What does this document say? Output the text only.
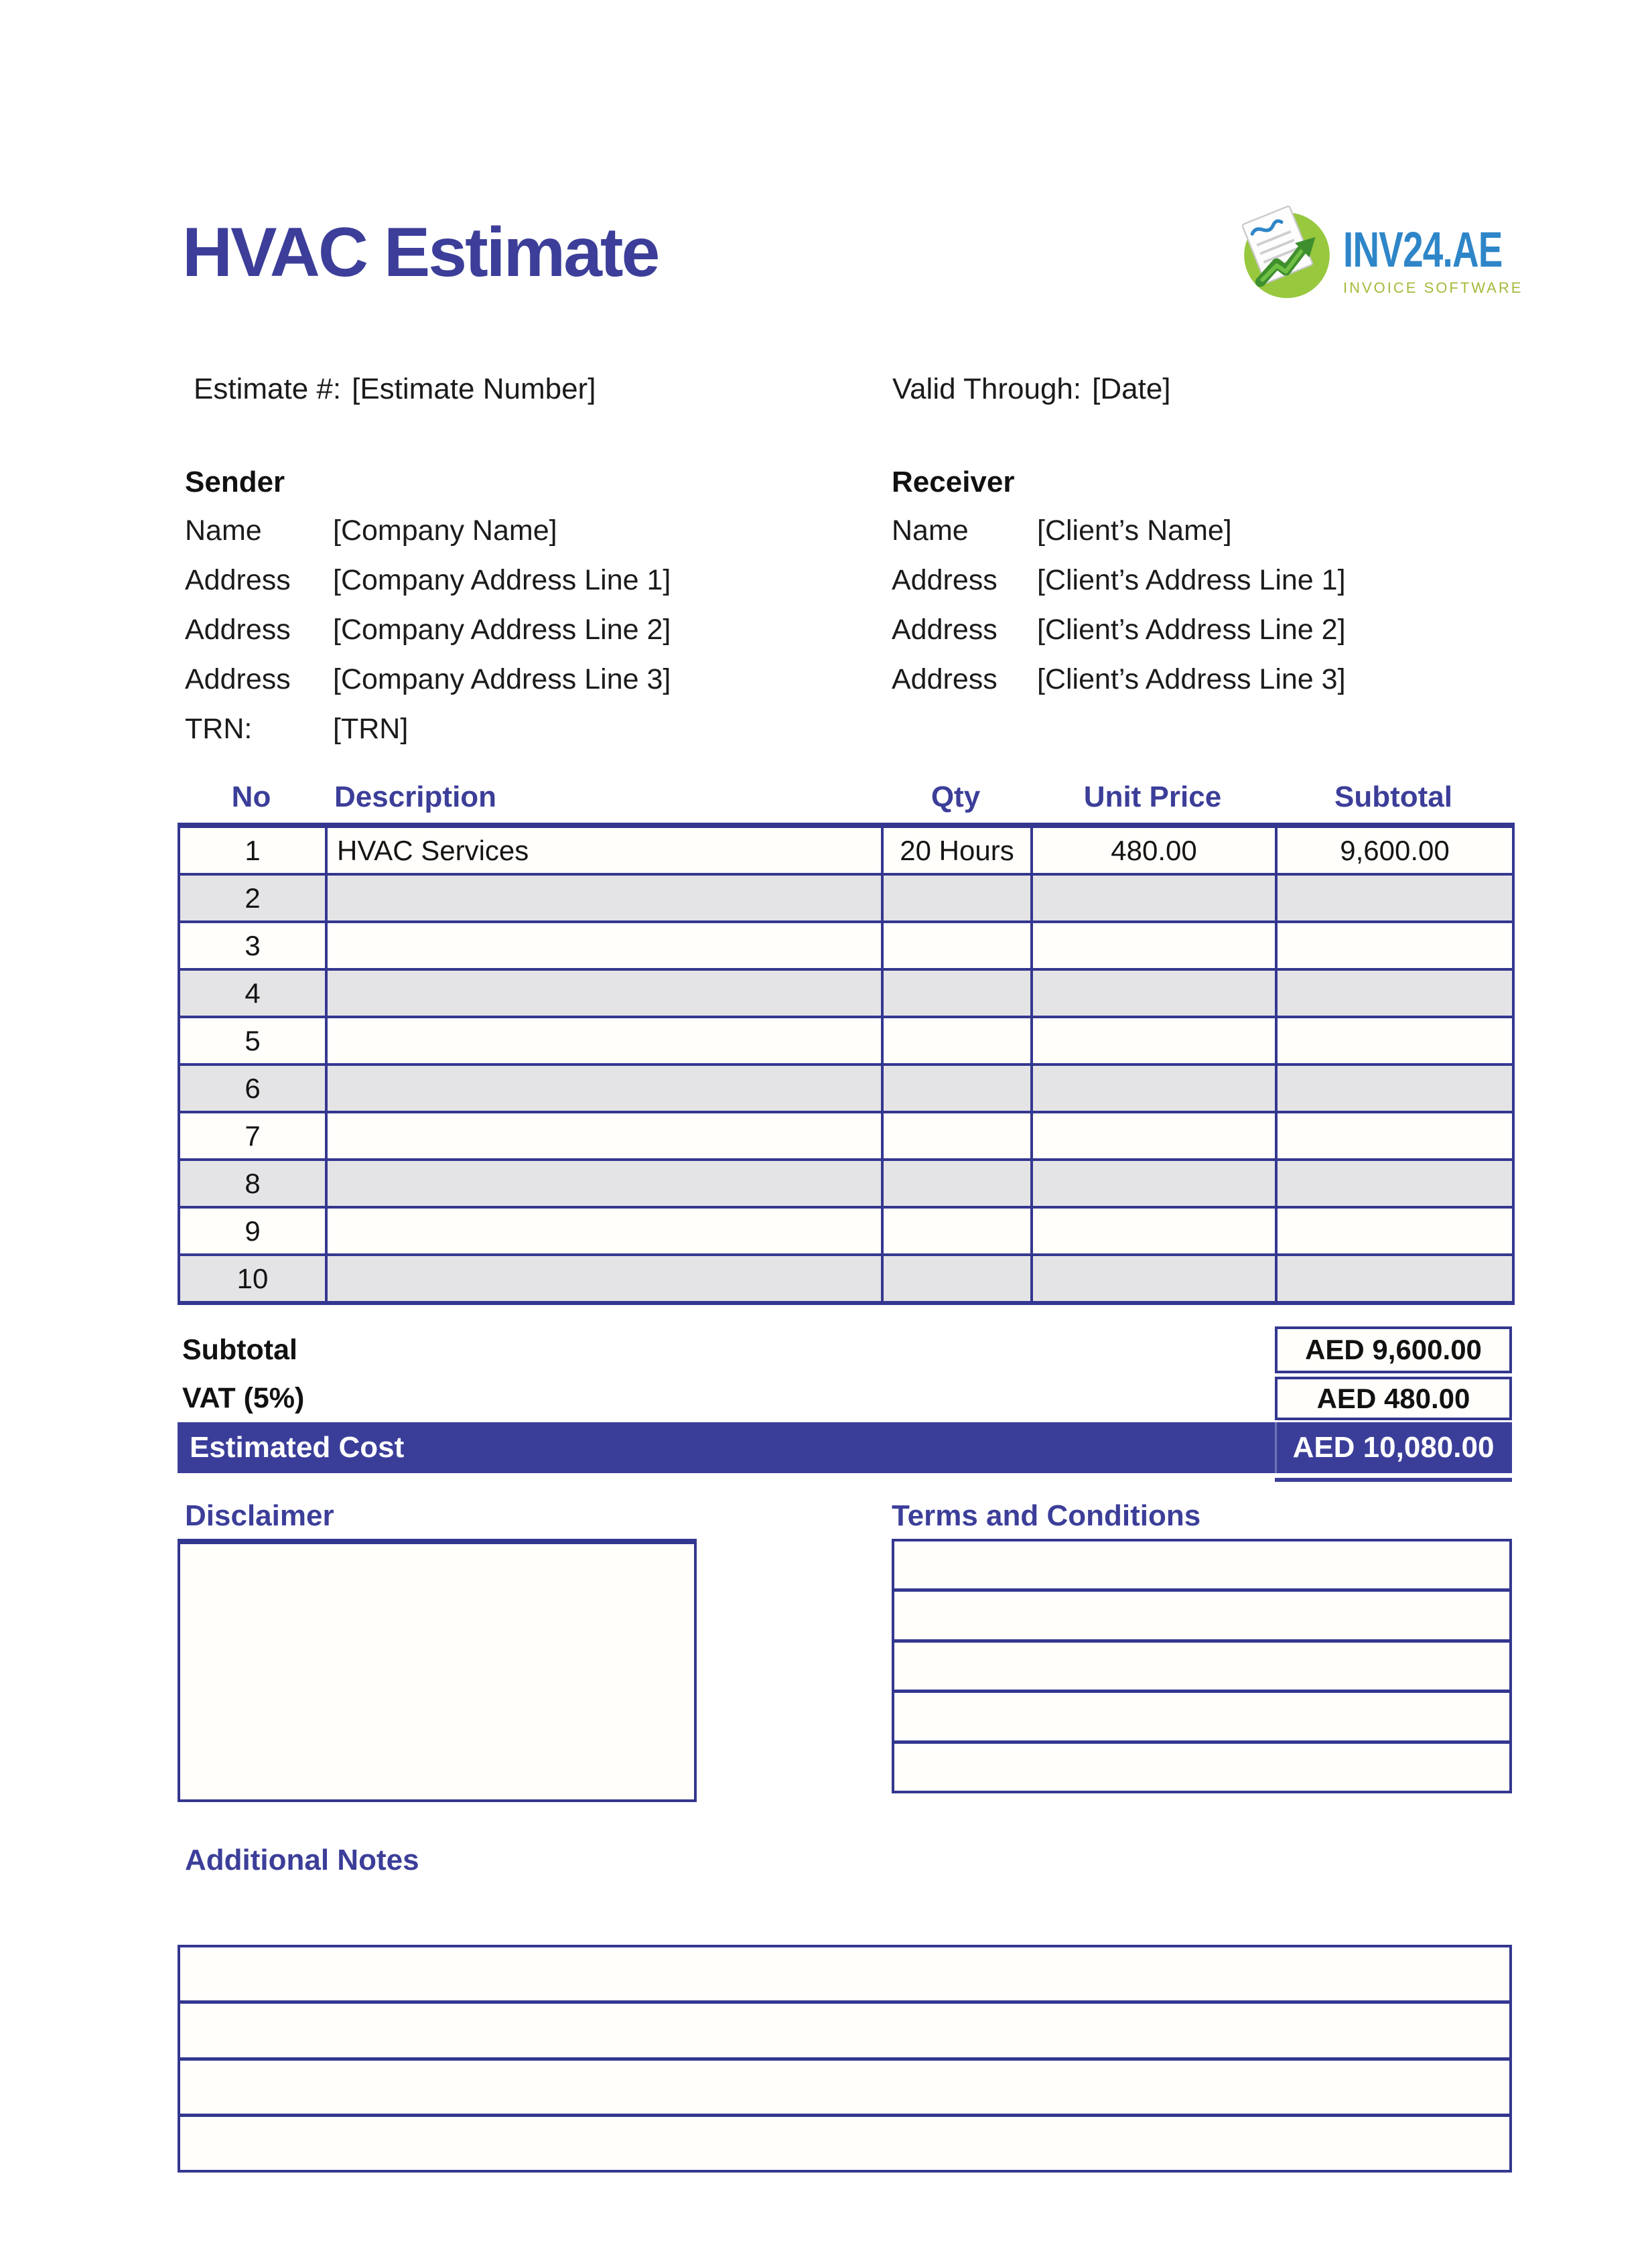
HVAC Estimate	INV24.AE
INVOICE SOFTWARE
Estimate #: [Estimate Number]	Valid Through: [Date]
Sender
Name [Company Name]
Address [Company Address Line 1]
Address [Company Address Line 2]
Address [Company Address Line 3]
TRN:	[TRN]
Receiver
Name [Client’s Name]
Address [Client’s Address Line 1]
Address [Client’s Address Line 2]
Address [Client’s Address Line 3]
No	Description	Qty	Unit Price	Subtotal
1	HVAC Services	20 Hours	480.00	9,600.00
2				
3				
4				
5				
6				
7				
8				
9				
10				
Subtotal	AED 9,600.00
VAT (5%)	AED 480.00
Estimated Cost	AED 10,080.00
Disclaimer	Terms and Conditions
Additional Notes
